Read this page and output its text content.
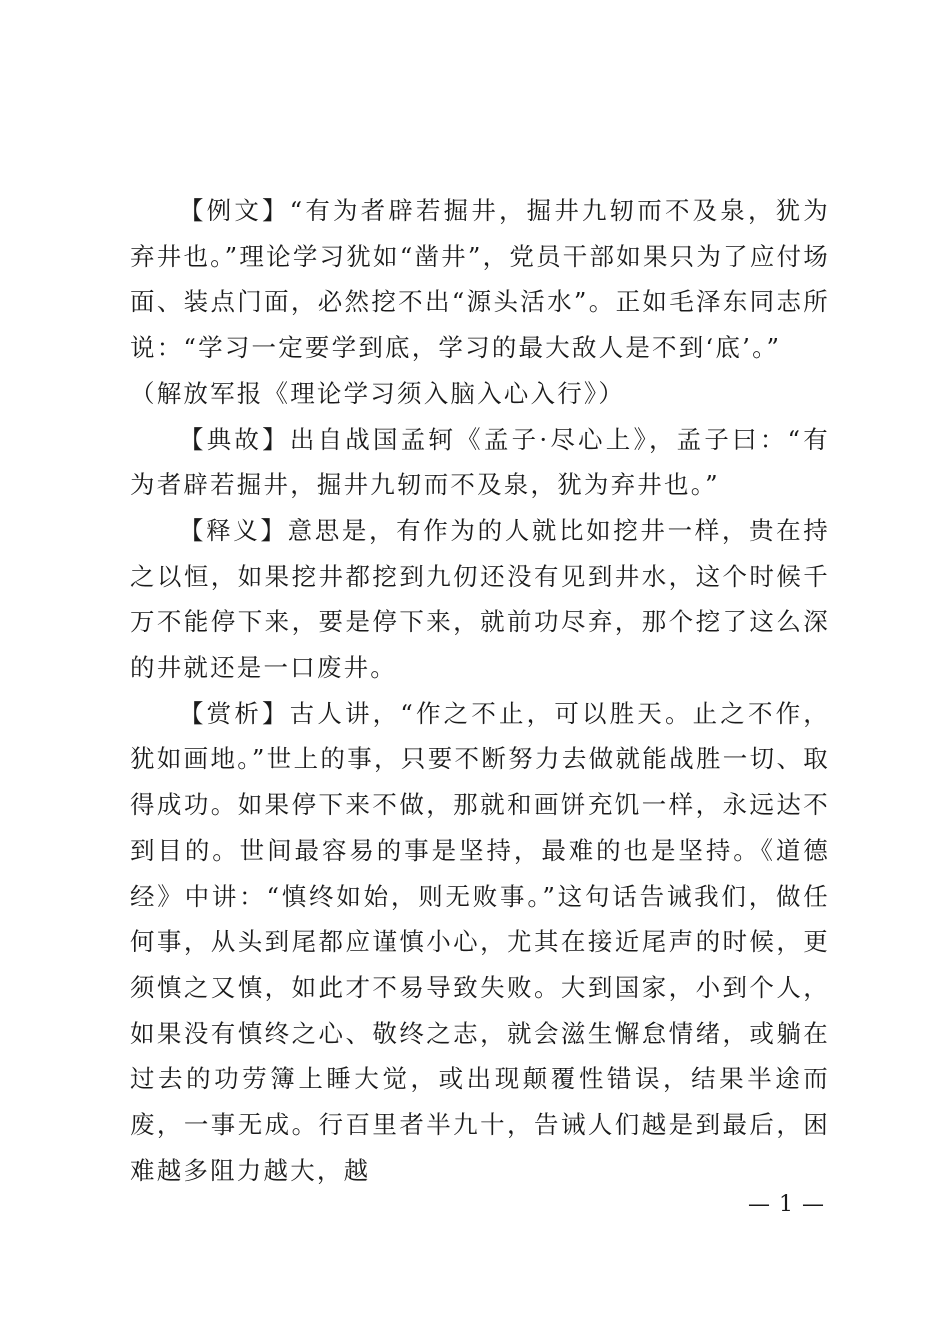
【例文】“有为者辟若掘井，掘井九轫而不及泉，犹为弃井也。”理论学习犹如“凿井”，党员干部如果只为了应付场面、装点门面，必然挖不出“源头活水”。正如毛泽东同志所说：“学习一定要学到底，学习的最大敌人是不到‘底’。”

（解放军报《理论学习须入脑入心入行》）

【典故】出自战国孟轲《孟子·尽心上》，孟子曰：“有为者辟若掘井，掘井九轫而不及泉，犹为弃井也。”

【释义】意思是，有作为的人就比如挖井一样，贵在持之以恒，如果挖井都挖到九仞还没有见到井水，这个时候千万不能停下来，要是停下来，就前功尽弃，那个挖了这么深的井就还是一口废井。

【赏析】古人讲，“作之不止，可以胜天。止之不作，犹如画地。”世上的事，只要不断努力去做就能战胜一切、取得成功。如果停下来不做，那就和画饼充饥一样，永远达不到目的。世间最容易的事是坚持，最难的也是坚持。《道德经》中讲：“慎终如始，则无败事。”这句话告诫我们，做任何事，从头到尾都应谨慎小心，尤其在接近尾声的时候，更须慎之又慎，如此才不易导致失败。大到国家，小到个人，如果没有慎终之心、敬终之志，就会滋生懈怠情绪，或躺在过去的功劳簿上睡大觉，或出现颠覆性错误，结果半途而废，一事无成。行百里者半九十，告诫人们越是到最后，困难越多阻力越大，越

— 1 —
